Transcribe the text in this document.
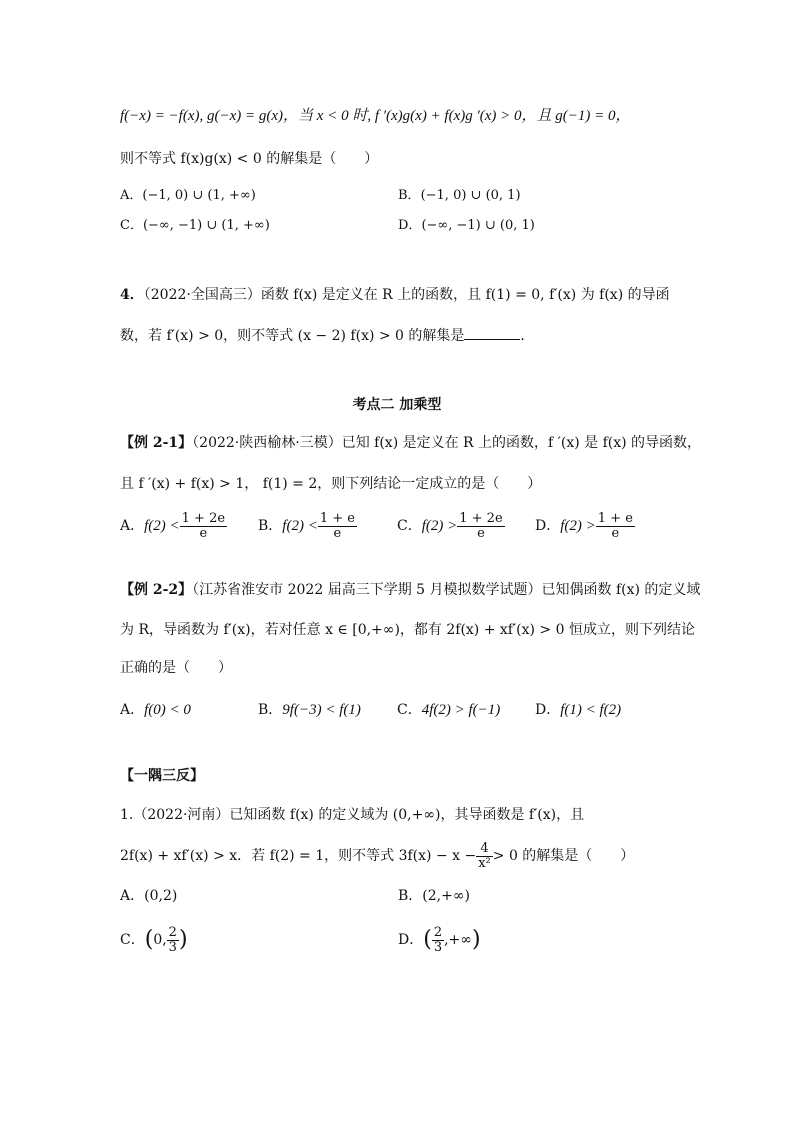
f(−x) = −f(x), g(−x) = g(x)，当 x < 0 时, f ′(x)g(x) + f(x)g ′(x) > 0，且 g(−1) = 0，
则不等式 f(x)g(x) < 0 的解集是（　　）
A．(−1, 0) ∪ (1, +∞)	B．(−1, 0) ∪ (0, 1)
C．(−∞, −1) ∪ (1, +∞)	D．(−∞, −1) ∪ (0, 1)
4．（2022·全国高三）函数 f(x) 是定义在 R 上的函数，且 f(1) = 0, f′(x) 为 f(x) 的导函
数，若 f′(x) > 0，则不等式 (x − 2) f(x) > 0 的解集是	．
考点二 加乘型
【例 2-1】（2022·陕西榆林·三模）已知 f(x) 是定义在 R 上的函数，f ′(x) 是 f(x) 的导函数，
且 f ′(x) + f(x) > 1， f(1) = 2，则下列结论一定成立的是（　　）
A．$f(2) < \frac{1 + 2e}{e}$ B．$f(2) < \frac{1 + e}{e}$	C．$f(2) > \frac{1 + 2e}{e}$ D．$f(2) > \frac{1 + e}{e}$
【例 2-2】（江苏省淮安市 2022 届高三下学期 5 月模拟数学试题）已知偶函数 f(x) 的定义域
为 R，导函数为 f′(x)，若对任意 x ∈ [0,+∞)，都有 2f(x) + xf′(x) > 0 恒成立，则下列结论
正确的是（　　）
A．f(0) < 0	B．9f(−3) < f(1)	C．4f(2) > f(−1) D．f(1) < f(2)
【一隅三反】
1.（2022·河南）已知函数 f(x) 的定义域为 (0,+∞)，其导函数是 f′(x)，且
2f(x) + xf′(x) > x．若 f(2) = 1，则不等式 $3f(x) - x - \frac{4}{\text{x²}} > 0$ 的解集是（　　）
A．(0,2)	B．(2,+∞)
C．(0, $\frac{2}{3}$ )	D．( $\frac{2}{3}$ ,+∞)
